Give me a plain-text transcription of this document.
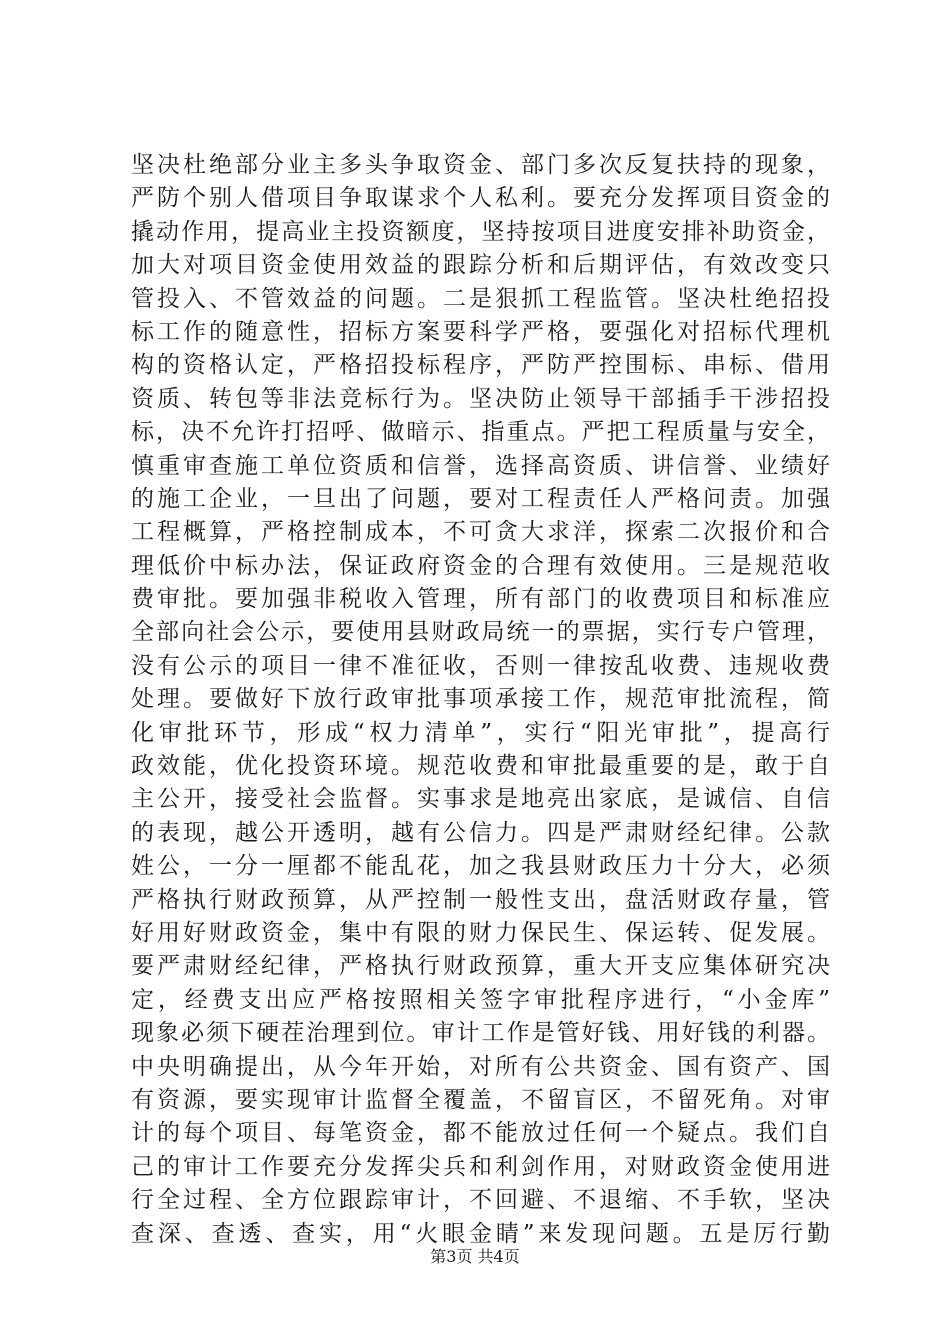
坚决杜绝部分业主多头争取资金、部门多次反复扶持的现象，
严防个别人借项目争取谋求个人私利。要充分发挥项目资金的
撬动作用，提高业主投资额度，坚持按项目进度安排补助资金，
加大对项目资金使用效益的跟踪分析和后期评估，有效改变只
管投入、不管效益的问题。二是狠抓工程监管。坚决杜绝招投
标工作的随意性，招标方案要科学严格，要强化对招标代理机
构的资格认定，严格招投标程序，严防严控围标、串标、借用
资质、转包等非法竞标行为。坚决防止领导干部插手干涉招投
标，决不允许打招呼、做暗示、指重点。严把工程质量与安全，
慎重审查施工单位资质和信誉，选择高资质、讲信誉、业绩好
的施工企业，一旦出了问题，要对工程责任人严格问责。加强
工程概算，严格控制成本，不可贪大求洋，探索二次报价和合
理低价中标办法，保证政府资金的合理有效使用。三是规范收
费审批。要加强非税收入管理，所有部门的收费项目和标准应
全部向社会公示，要使用县财政局统一的票据，实行专户管理，
没有公示的项目一律不准征收，否则一律按乱收费、违规收费
处理。要做好下放行政审批事项承接工作，规范审批流程，简
化审批环节，形成“权力清单”，实行“阳光审批”，提高行
政效能，优化投资环境。规范收费和审批最重要的是，敢于自
主公开，接受社会监督。实事求是地亮出家底，是诚信、自信
的表现，越公开透明，越有公信力。四是严肃财经纪律。公款
姓公，一分一厘都不能乱花，加之我县财政压力十分大，必须
严格执行财政预算，从严控制一般性支出，盘活财政存量，管
好用好财政资金，集中有限的财力保民生、保运转、促发展。
要严肃财经纪律，严格执行财政预算，重大开支应集体研究决
定，经费支出应严格按照相关签字审批程序进行，“小金库”
现象必须下硬茬治理到位。审计工作是管好钱、用好钱的利器。
中央明确提出，从今年开始，对所有公共资金、国有资产、国
有资源，要实现审计监督全覆盖，不留盲区，不留死角。对审
计的每个项目、每笔资金，都不能放过任何一个疑点。我们自
己的审计工作要充分发挥尖兵和利剑作用，对财政资金使用进
行全过程、全方位跟踪审计，不回避、不退缩、不手软，坚决
查深、查透、查实，用“火眼金睛”来发现问题。五是厉行勤
第3页 共4页
